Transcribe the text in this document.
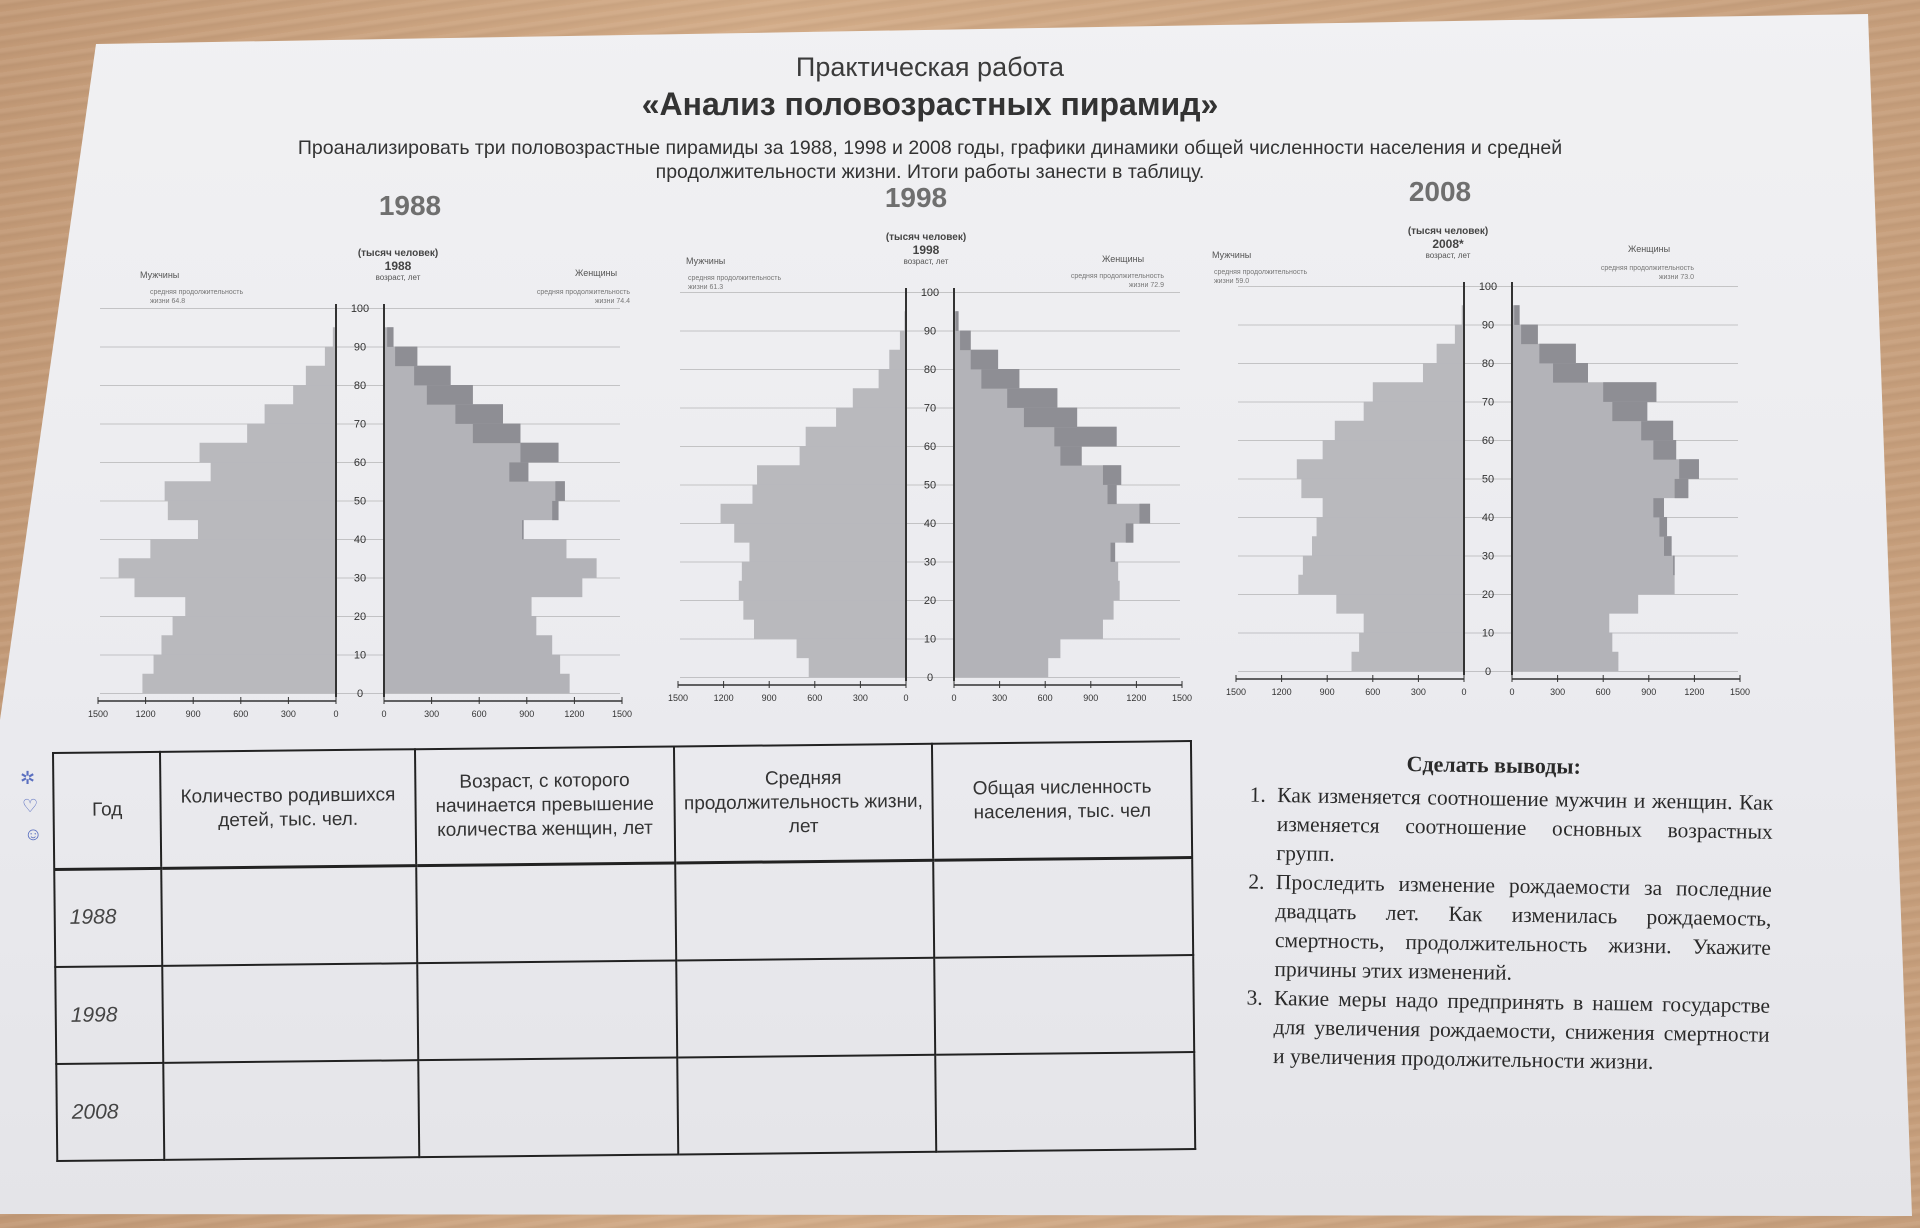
Практическая работа
«Анализ половозрастных пирамид»
Проанализировать три половозрастные пирамиды за 1988, 1998 и 2008 годы, графики динамики общей численности населения и средней
продолжительности жизни. Итоги работы занести в таблицу.
1988
(тысяч человек)
1988
возраст, лет
Мужчины
средняя продолжительность жизни 64.8
Женщины
средняя продолжительность жизни 74.4
0
10
20
30
40
50
60
70
80
90
100
1500	1200	900	600	300	0	0	300	600	900	1200	1500
1998
(тысяч человек)
1998
возраст, лет
Мужчины
средняя продолжительность жизни 61.3
Женщины
средняя продолжительность жизни 72.9
0
10
20
30
40
50
60
70
80
90
100
1500	1200	900	600	300	0	0	300	600	900	1200	1500
2008
(тысяч человек)
2008*
возраст, лет
Мужчины
средняя продолжительность жизни 59.0
Женщины
средняя продолжительность жизни 73.0
0
10
20
30
40
50
60
70
80
90
100
1500	1200	900	600	300	0	0	300	600	900	1200	1500
Год	Количество родившихся детей, тыс. чел.	Возраст, с которого начинается превышение количества женщин, лет	Средняя продолжительность жизни, лет	Общая численность населения, тыс. чел
1988				
1998				
2008				
Сделать выводы:
1. Как изменяется соотношение мужчин и женщин. Как изменяется соотношение основных возрастных групп.
2. Проследить изменение рождаемости за последние двадцать лет. Как изменилась рождаемость, смертность, продолжительность жизни. Укажите причины этих изменений.
3. Какие меры надо предпринять в нашем государстве для увеличения рождаемости, снижения смертности и увеличения продолжительности жизни.
✲
♡
☺
